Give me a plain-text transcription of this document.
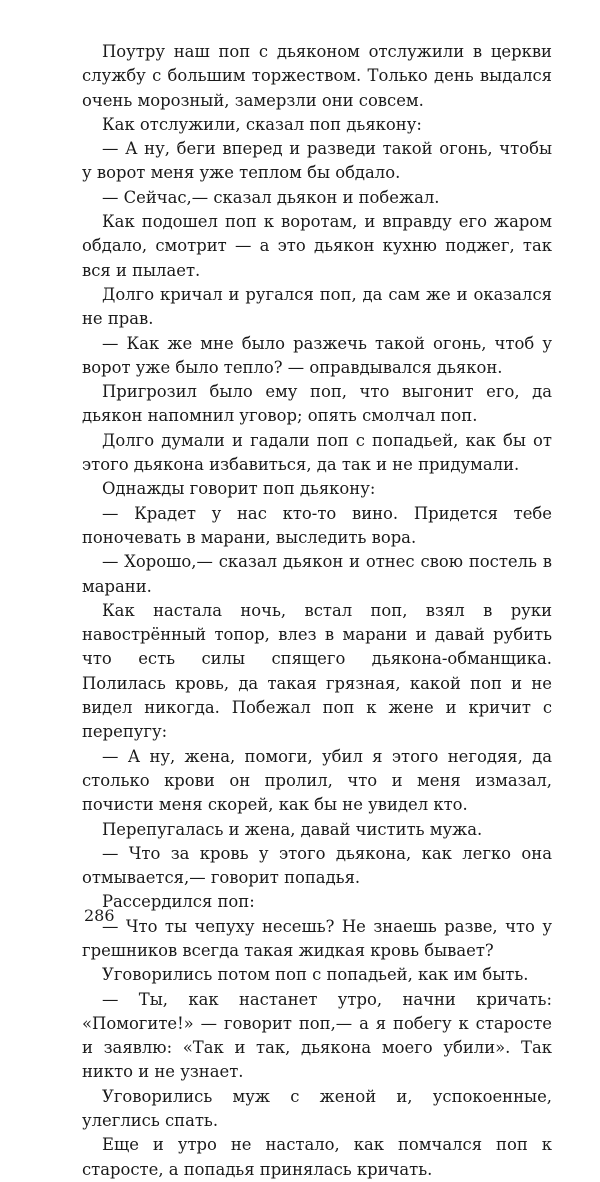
Поутру наш поп с дьяконом отслужили в церкви службу с большим торжеством. Только день выдался очень морозный, замерзли они совсем.

Как отслужили, сказал поп дьякону:

— А ну, беги вперед и разведи такой огонь, чтобы у ворот меня уже теплом бы обдало.

— Сейчас,— сказал дьякон и побежал.

Как подошел поп к воротам, и вправду его жаром обдало, смотрит — а это дьякон кухню поджег, так вся и пылает.

Долго кричал и ругался поп, да сам же и оказался не прав.

— Как же мне было разжечь такой огонь, чтоб у ворот уже было тепло? — оправдывался дьякон.

Пригрозил было ему поп, что выгонит его, да дьякон напомнил уговор; опять смолчал поп.

Долго думали и гадали поп с попадьей, как бы от этого дьякона избавиться, да так и не придумали.

Однажды говорит поп дьякону:

— Крадет у нас кто-то вино. Придется тебе поночевать в марани, выследить вора.

— Хорошо,— сказал дьякон и отнес свою постель в марани.

Как настала ночь, встал поп, взял в руки навострённый топор, влез в марани и давай рубить что есть силы спящего дьякона-обманщика. Полилась кровь, да такая грязная, какой поп и не видел никогда. Побежал поп к жене и кричит с перепугу:

— А ну, жена, помоги, убил я этого негодяя, да столько крови он пролил, что и меня измазал, почисти меня скорей, как бы не увидел кто.

Перепугалась и жена, давай чистить мужа.

— Что за кровь у этого дьякона, как легко она отмывается,— говорит попадья.

Рассердился поп:

— Что ты чепуху несешь? Не знаешь разве, что у грешников всегда такая жидкая кровь бывает?

Уговорились потом поп с попадьей, как им быть.

— Ты, как настанет утро, начни кричать: «Помогите!» — говорит поп,— а я побегу к старосте и заявлю: «Так и так, дьякона моего убили». Так никто и не узнает.

Уговорились муж с женой и, успокоенные, улеглись спать.

Еще и утро не настало, как помчался поп к старосте, а попадья принялась кричать.

286
